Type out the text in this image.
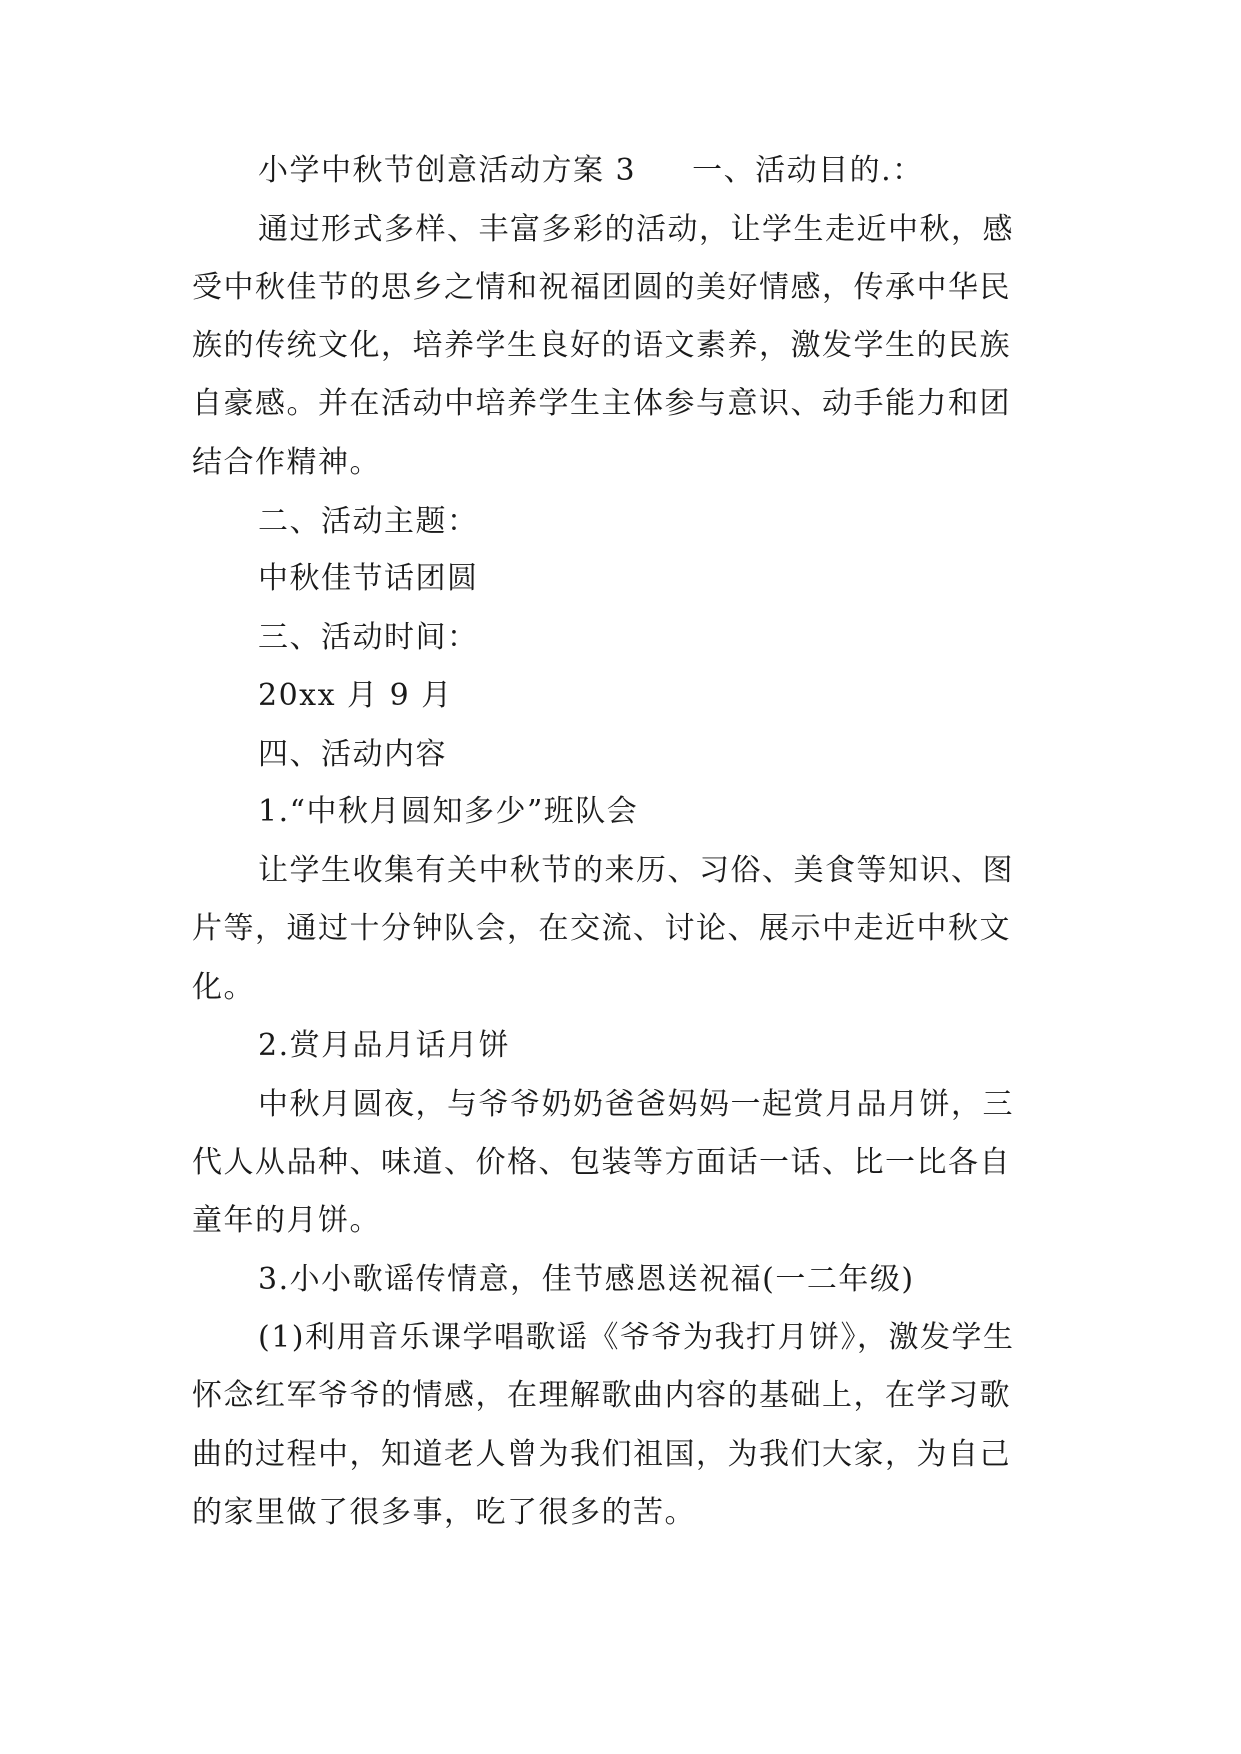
小学中秋节创意活动方案 3 一、活动目的.：
通过形式多样、丰富多彩的活动，让学生走近中秋，感
受中秋佳节的思乡之情和祝福团圆的美好情感，传承中华民
族的传统文化，培养学生良好的语文素养，激发学生的民族
自豪感。并在活动中培养学生主体参与意识、动手能力和团
结合作精神。
二、活动主题：
中秋佳节话团圆
三、活动时间：
20xx 月 9 月
四、活动内容
1.“中秋月圆知多少”班队会
让学生收集有关中秋节的来历、习俗、美食等知识、图
片等，通过十分钟队会，在交流、讨论、展示中走近中秋文
化。
2.赏月品月话月饼
中秋月圆夜，与爷爷奶奶爸爸妈妈一起赏月品月饼，三
代人从品种、味道、价格、包装等方面话一话、比一比各自
童年的月饼。
3.小小歌谣传情意，佳节感恩送祝福(一二年级)
(1)利用音乐课学唱歌谣《爷爷为我打月饼》，激发学生
怀念红军爷爷的情感，在理解歌曲内容的基础上，在学习歌
曲的过程中，知道老人曾为我们祖国，为我们大家，为自己
的家里做了很多事，吃了很多的苦。
